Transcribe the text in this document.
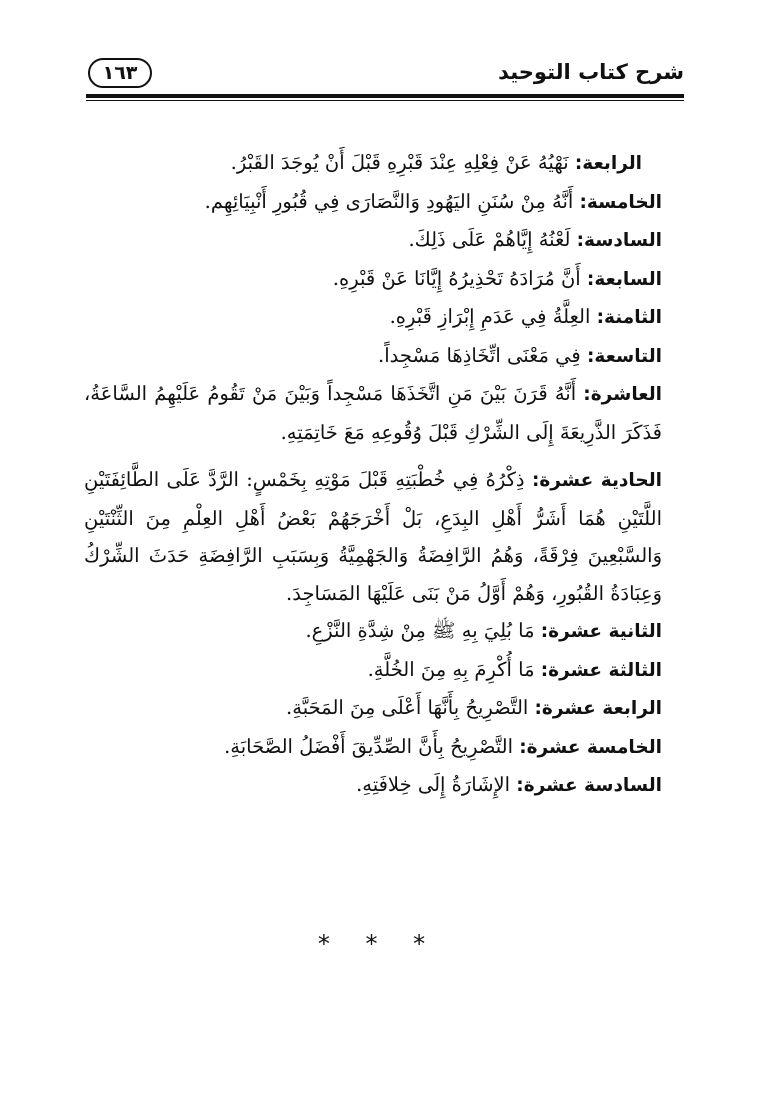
شرح كتاب التوحيد
١٦٣

الرابعة: نَهْيُهُ عَنْ فِعْلِهِ عِنْدَ قَبْرِهِ قَبْلَ أَنْ يُوجَدَ القَبْرُ.

الخامسة: أَنَّهُ مِنْ سُنَنِ اليَهُودِ وَالنَّصَارَى فِي قُبُورِ أَنْبِيَائِهِم.

السادسة: لَعْنُهُ إِيَّاهُمْ عَلَى ذَلِكَ.

السابعة: أَنَّ مُرَادَهُ تَحْذِيرُهُ إِيَّانَا عَنْ قَبْرِهِ.

الثامنة: العِلَّةُ فِي عَدَمِ إِبْرَازِ قَبْرِهِ.

التاسعة: فِي مَعْنَى اتِّخَاذِهَا مَسْجِداً.

العاشرة: أَنَّهُ قَرَنَ بَيْنَ مَنِ اتَّخَذَهَا مَسْجِداً وَبَيْنَ مَنْ تَقُومُ عَلَيْهِمُ السَّاعَةُ، فَذَكَرَ الذَّرِيعَةَ إِلَى الشِّرْكِ قَبْلَ وُقُوعِهِ مَعَ خَاتِمَتِهِ.

الحادية عشرة: ذِكْرُهُ فِي خُطْبَتِهِ قَبْلَ مَوْتِهِ بِخَمْسٍ: الرَّدَّ عَلَى الطَّائِفَتَيْنِ اللَّتَيْنِ هُمَا أَشَرُّ أَهْلِ البِدَعِ، بَلْ أَخْرَجَهُمْ بَعْضُ أَهْلِ العِلْمِ مِنَ الثِّنْتَيْنِ وَالسَّبْعِينَ فِرْقَةً، وَهُمُ الرَّافِضَةُ وَالجَهْمِيَّةُ وَبِسَبَبِ الرَّافِضَةِ حَدَثَ الشِّرْكُ وَعِبَادَةُ القُبُورِ، وَهُمْ أَوَّلُ مَنْ بَنَى عَلَيْهَا المَسَاجِدَ.

الثانية عشرة: مَا بُلِيَ بِهِ ﷺ مِنْ شِدَّةِ النَّزْعِ.

الثالثة عشرة: مَا أُكْرِمَ بِهِ مِنَ الخُلَّةِ.

الرابعة عشرة: التَّصْرِيحُ بِأَنَّهَا أَعْلَى مِنَ المَحَبَّةِ.

الخامسة عشرة: التَّصْرِيحُ بِأَنَّ الصِّدِّيقَ أَفْضَلُ الصَّحَابَةِ.

السادسة عشرة: الإِشَارَةُ إِلَى خِلافَتِهِ.

* * *
